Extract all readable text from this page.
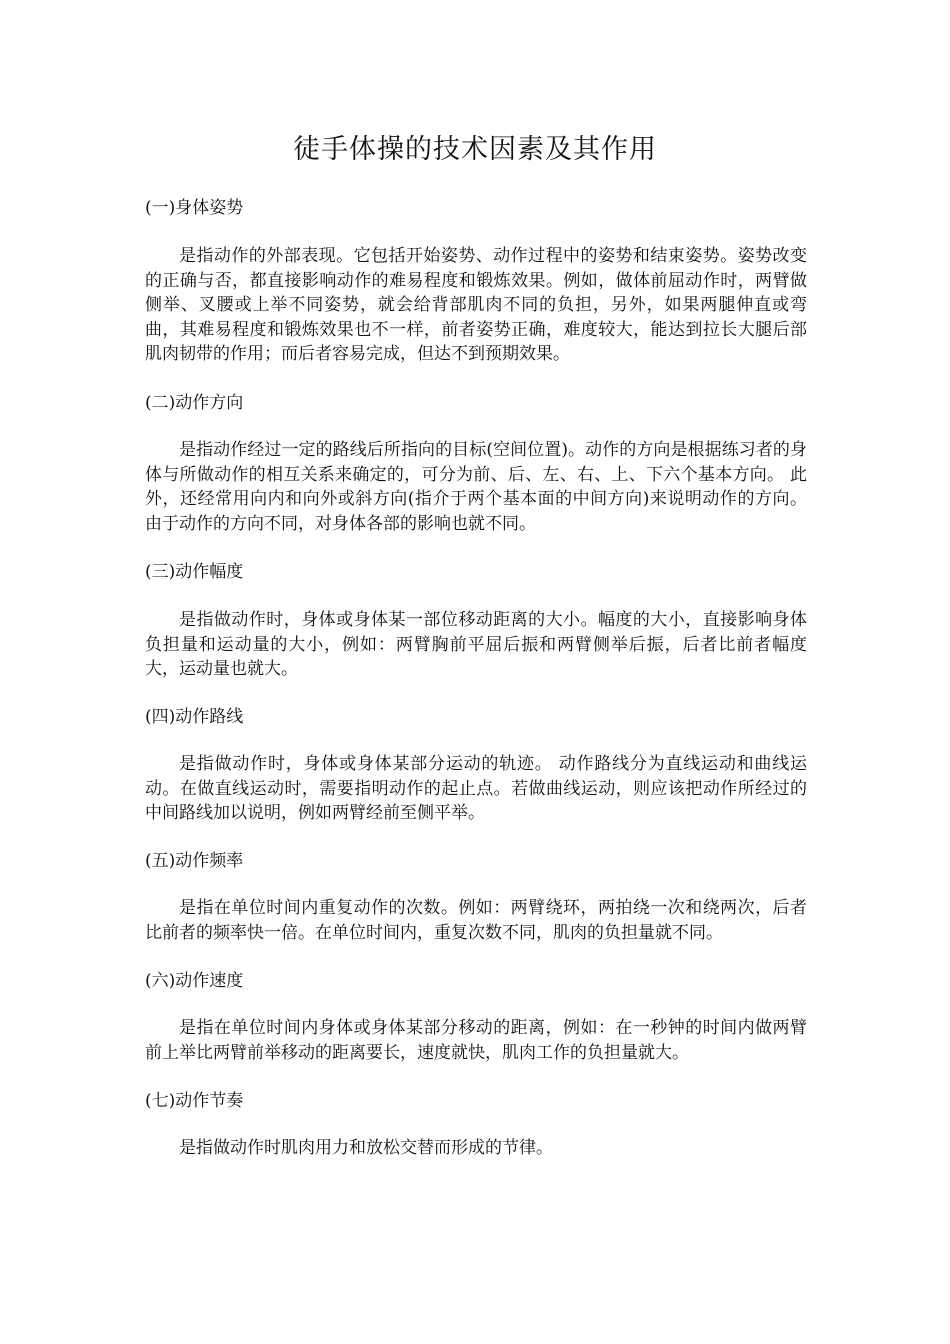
徒手体操的技术因素及其作用

(一)身体姿势

是指动作的外部表现。它包括开始姿势、动作过程中的姿势和结束姿势。姿势改变的正确与否，都直接影响动作的难易程度和锻炼效果。例如，做体前屈动作时，两臂做侧举、叉腰或上举不同姿势，就会给背部肌肉不同的负担，另外，如果两腿伸直或弯曲，其难易程度和锻炼效果也不一样，前者姿势正确，难度较大，能达到拉长大腿后部肌肉韧带的作用；而后者容易完成，但达不到预期效果。

(二)动作方向

是指动作经过一定的路线后所指向的目标(空间位置)。动作的方向是根据练习者的身体与所做动作的相互关系来确定的，可分为前、后、左、右、上、下六个基本方向。 此外，还经常用向内和向外或斜方向(指介于两个基本面的中间方向)来说明动作的方向。 由于动作的方向不同，对身体各部的影响也就不同。

(三)动作幅度

是指做动作时，身体或身体某一部位移动距离的大小。幅度的大小，直接影响身体负担量和运动量的大小，例如：两臂胸前平屈后振和两臂侧举后振，后者比前者幅度大，运动量也就大。

(四)动作路线

是指做动作时，身体或身体某部分运动的轨迹。 动作路线分为直线运动和曲线运动。在做直线运动时，需要指明动作的起止点。若做曲线运动，则应该把动作所经过的中间路线加以说明，例如两臂经前至侧平举。

(五)动作频率

是指在单位时间内重复动作的次数。例如：两臂绕环，两拍绕一次和绕两次，后者比前者的频率快一倍。在单位时间内，重复次数不同，肌肉的负担量就不同。

(六)动作速度

是指在单位时间内身体或身体某部分移动的距离，例如：在一秒钟的时间内做两臂前上举比两臂前举移动的距离要长，速度就快，肌肉工作的负担量就大。

(七)动作节奏

是指做动作时肌肉用力和放松交替而形成的节律。
